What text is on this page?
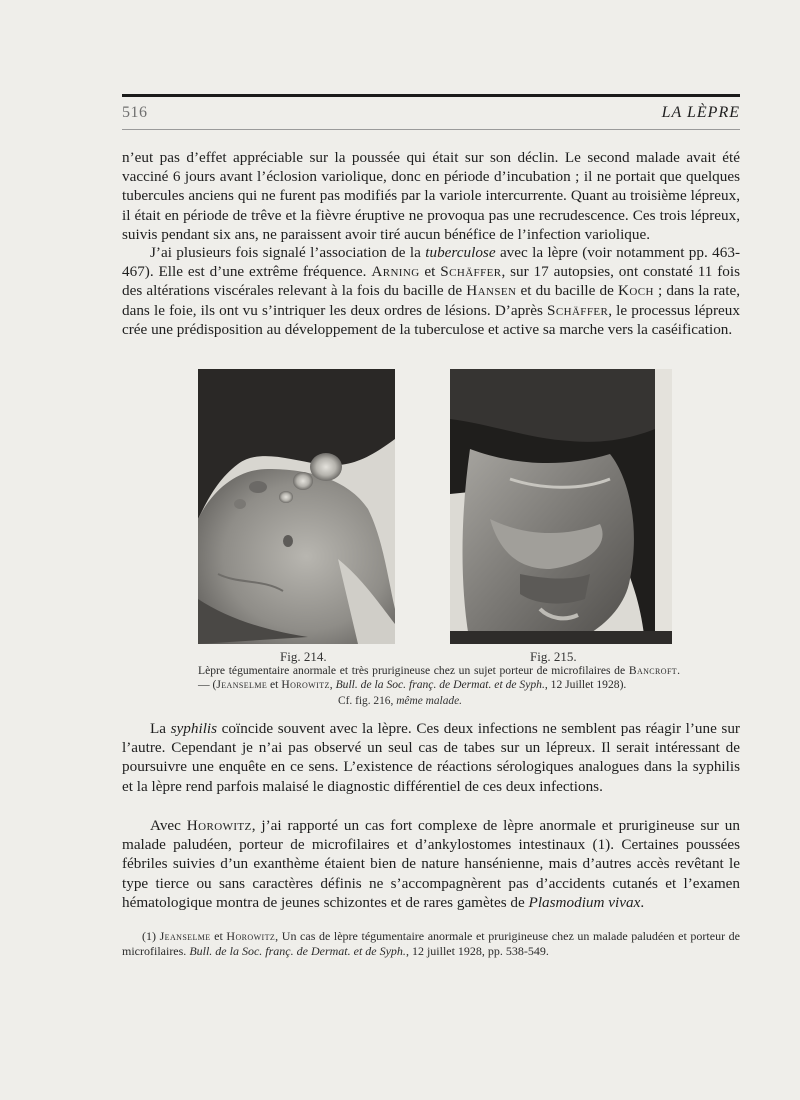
516	LA LÈPRE

n’eut pas d’effet appréciable sur la poussée qui était sur son déclin. Le second malade avait été vacciné 6 jours avant l’éclosion variolique, donc en période d’incubation ; il ne portait que quelques tubercules anciens qui ne furent pas modifiés par la variole intercurrente. Quant au troisième lépreux, il était en période de trêve et la fièvre éruptive ne provoqua pas une recrudescence. Ces trois lépreux, suivis pendant six ans, ne paraissent avoir tiré aucun bénéfice de l’infection variolique.

J’ai plusieurs fois signalé l’association de la tuberculose avec la lèpre (voir notamment pp. 463-467). Elle est d’une extrême fréquence. Arning et Schäffer, sur 17 autopsies, ont constaté 11 fois des altérations viscérales relevant à la fois du bacille de Hansen et du bacille de Koch ; dans la rate, dans le foie, ils ont vu s’intriquer les deux ordres de lésions. D’après Schäffer, le processus lépreux crée une prédisposition au développement de la tuberculose et active sa marche vers la caséification.

Fig. 214.	Fig. 215.

Lèpre tégumentaire anormale et très prurigineuse chez un sujet porteur de microfilaires de Bancroft. — (Jeanselme et Horowitz, Bull. de la Soc. franç. de Dermat. et de Syph., 12 Juillet 1928).

Cf. fig. 216, même malade.

La syphilis coïncide souvent avec la lèpre. Ces deux infections ne semblent pas réagir l’une sur l’autre. Cependant je n’ai pas observé un seul cas de tabes sur un lépreux. Il serait intéressant de poursuivre une enquête en ce sens. L’existence de réactions sérologiques analogues dans la syphilis et la lèpre rend parfois malaisé le diagnostic différentiel de ces deux infections.

Avec Horowitz, j’ai rapporté un cas fort complexe de lèpre anormale et prurigineuse sur un malade paludéen, porteur de microfilaires et d’ankylostomes intestinaux (1). Certaines poussées fébriles suivies d’un exanthème étaient bien de nature hansénienne, mais d’autres accès revêtant le type tierce ou sans caractères définis ne s’accompagnèrent pas d’accidents cutanés et l’examen hématologique montra de jeunes schizontes et de rares gamètes de Plasmodium vivax.

(1) Jeanselme et Horowitz, Un cas de lèpre tégumentaire anormale et prurigineuse chez un malade paludéen et porteur de microfilaires. Bull. de la Soc. franç. de Dermat. et de Syph., 12 juillet 1928, pp. 538-549.
